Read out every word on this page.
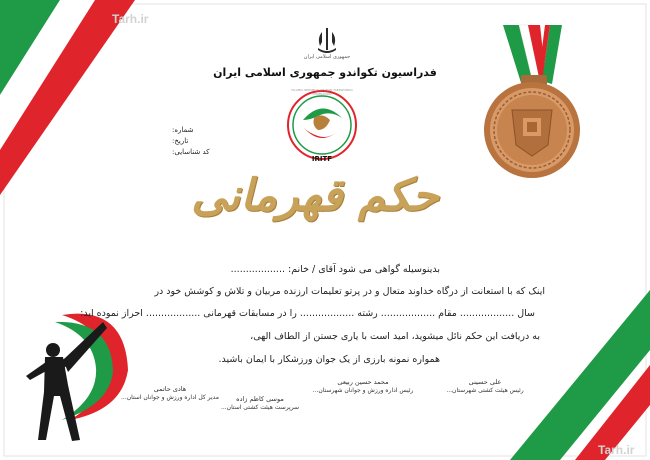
Tarh.ir
Tarh.ir
جمهوری اسلامی ایران
فدراسیون تکواندو جمهوری اسلامی ایران
ISLAMIC REPUBLIC OF IRAN TAEKWONDO FEDERATION
IRITF
شماره:
تاریخ:
کد شناسایی:
حکم قهرمانی
بدینوسیله گواهی می شود آقای / خانم: ..................
اینک که با استعانت از درگاه خداوند متعال و در پرتو تعلیمات ارزنده مربیان و تلاش و کوشش خود در
سال .................. مقام .................. رشته .................. را در مسابقات قهرمانی .................. احراز نموده اید:
به دریافت این حکم نائل میشوید، امید است با یاری جستن از الطاف الهی،
همواره نمونه بارزی از یک جوان ورزشکار با ایمان باشید.
علی حسینی
رئیس هیئت کشتی شهرستان...
محمد حسین ربیعی
رئیس اداره ورزش و جوانان شهرستان...
موسی کاظم زاده
سرپرست هیئت کشتی استان...
هادی حاتمی
مدیر کل اداره ورزش و جوانان استان...
